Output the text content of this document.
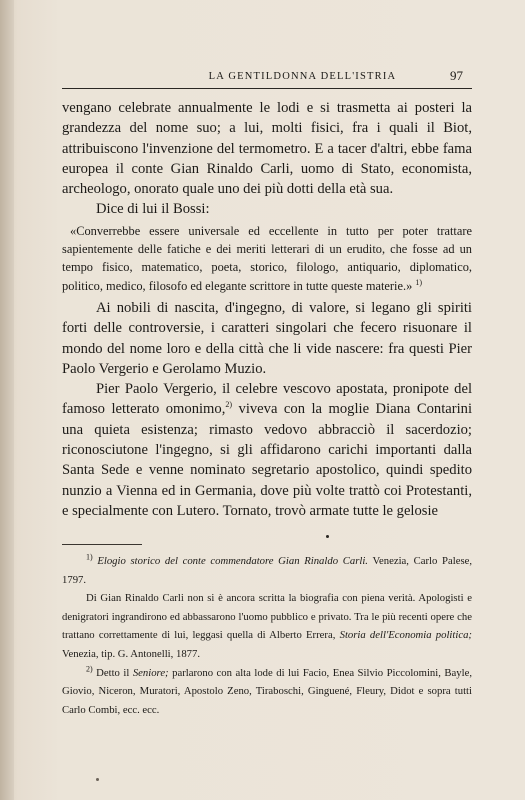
LA GENTILDONNA DELL'ISTRIA	97

vengano celebrate annualmente le lodi e si trasmetta ai posteri la grandezza del nome suo; a lui, molti fisici, fra i quali il Biot, attribuiscono l'invenzione del termometro. E a tacer d'altri, ebbe fama europea il conte Gian Rinaldo Carli, uomo di Stato, economista, archeologo, onorato quale uno dei più dotti della età sua.

Dice di lui il Bossi:

«Converrebbe essere universale ed eccellente in tutto per poter trattare sapientemente delle fatiche e dei meriti letterari di un erudito, che fosse ad un tempo fisico, matematico, poeta, storico, filologo, antiquario, diplomatico, politico, medico, filosofo ed elegante scrittore in tutte queste materie.» $^{1)}$

Ai nobili di nascita, d'ingegno, di valore, si legano gli spiriti forti delle controversie, i caratteri singolari che fecero risuonare il mondo del nome loro e della città che li vide nascere: fra questi Pier Paolo Vergerio e Gerolamo Muzio.

Pier Paolo Vergerio, il celebre vescovo apostata, pronipote del famoso letterato omonimo,$^{2)}$ viveva con la moglie Diana Contarini una quieta esistenza; rimasto vedovo abbracciò il sacerdozio; riconosciutone l'ingegno, si gli affidarono carichi importanti dalla Santa Sede e venne nominato segretario apostolico, quindi spedito nunzio a Vienna ed in Germania, dove più volte trattò coi Protestanti, e specialmente con Lutero. Tornato, trovò armate tutte le gelosie

$^{1)}$ Elogio storico del conte commendatore Gian Rinaldo Carli. Venezia, Carlo Palese, 1797.

Di Gian Rinaldo Carli non si è ancora scritta la biografia con piena verità. Apologisti e denigratori ingrandirono ed abbassarono l'uomo pubblico e privato. Tra le più recenti opere che trattano correttamente di lui, leggasi quella di Alberto Errera, Storia dell'Economia politica; Venezia, tip. G. Antonelli, 1877.

$^{2)}$ Detto il Seniore; parlarono con alta lode di lui Facio, Enea Silvio Piccolomini, Bayle, Giovio, Niceron, Muratori, Apostolo Zeno, Tiraboschi, Ginguené, Fleury, Didot e sopra tutti Carlo Combi, ecc. ecc.
